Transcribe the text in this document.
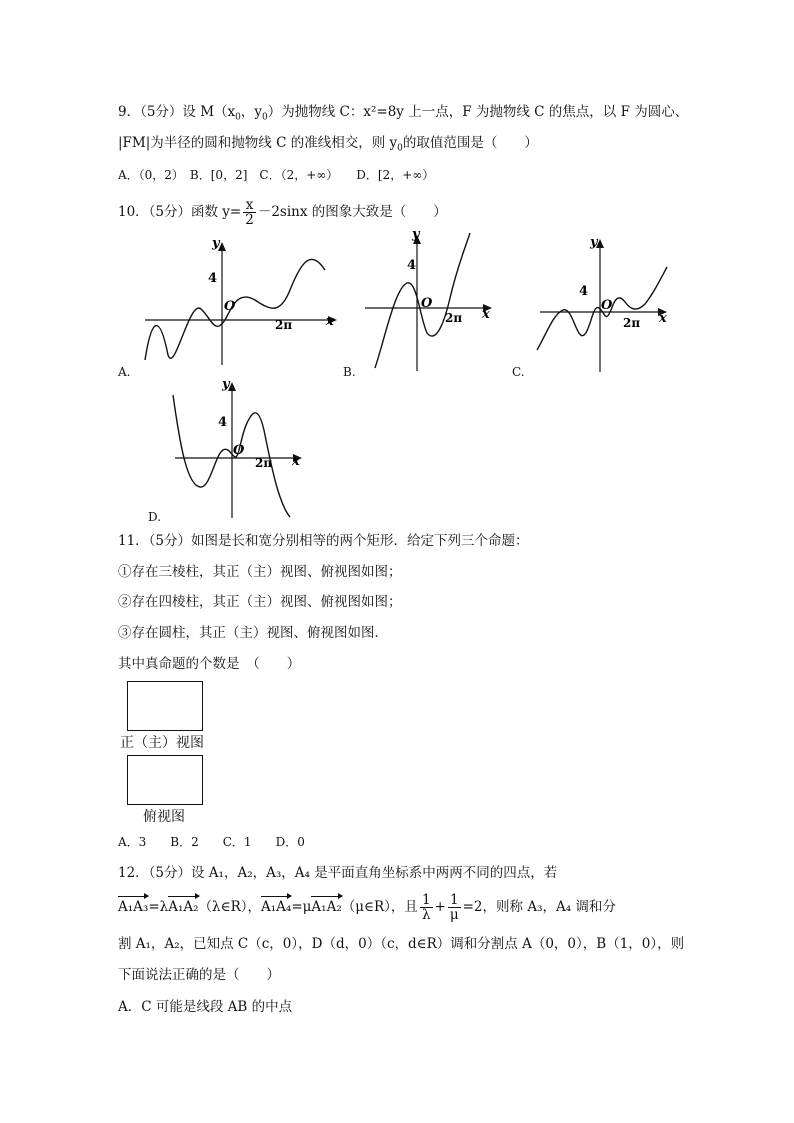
9．（5分）设 $M(x_0$，$y_0$）为抛物线 C：x²=8y 上一点，F 为抛物线 C 的焦点，以 F 为圆心、
|FM|为半径的圆和抛物线 C 的准线相交，则 $y_0$的取值范围是（　　）
A．（0，2）　B．[0，2]　C．（2，+∞）　　D．[2，+∞）
10．（5分）函数 $y= \frac{x}{2} -2\sin x$ 的图象大致是（　　）
y
x
4
O
2π
A.
y
x
4
O
2π
B.
y
x
4
O
2π
C.
y
x
4
O
2π
D.
11．（5分）如图是长和宽分别相等的两个矩形．给定下列三个命题：
①存在三棱柱，其正（主）视图、俯视图如图；
②存在四棱柱，其正（主）视图、俯视图如图；
③存在圆柱，其正（主）视图、俯视图如图．
其中真命题的个数是　（　　）
正（主）视图
俯视图
A．3　　B．2　　C．1　　D．0
12．（5分）设 A₁，A₂，A₃，A₄ 是平面直角坐标系中两两不同的四点，若
A₁A₃=λA₁A₂（λ∈R），A₁A₄=μA₁A₂（μ∈R），且 $\frac{1}{\lambda} + \frac{1}{\mu} =2$，则称 A₃，A₄ 调和分
割 A₁，A₂，已知点 C（c，0），D（d，0）（c，d∈R）调和分割点 A（0，0），B（1，0），则
下面说法正确的是（　　）
A．C 可能是线段 AB 的中点
